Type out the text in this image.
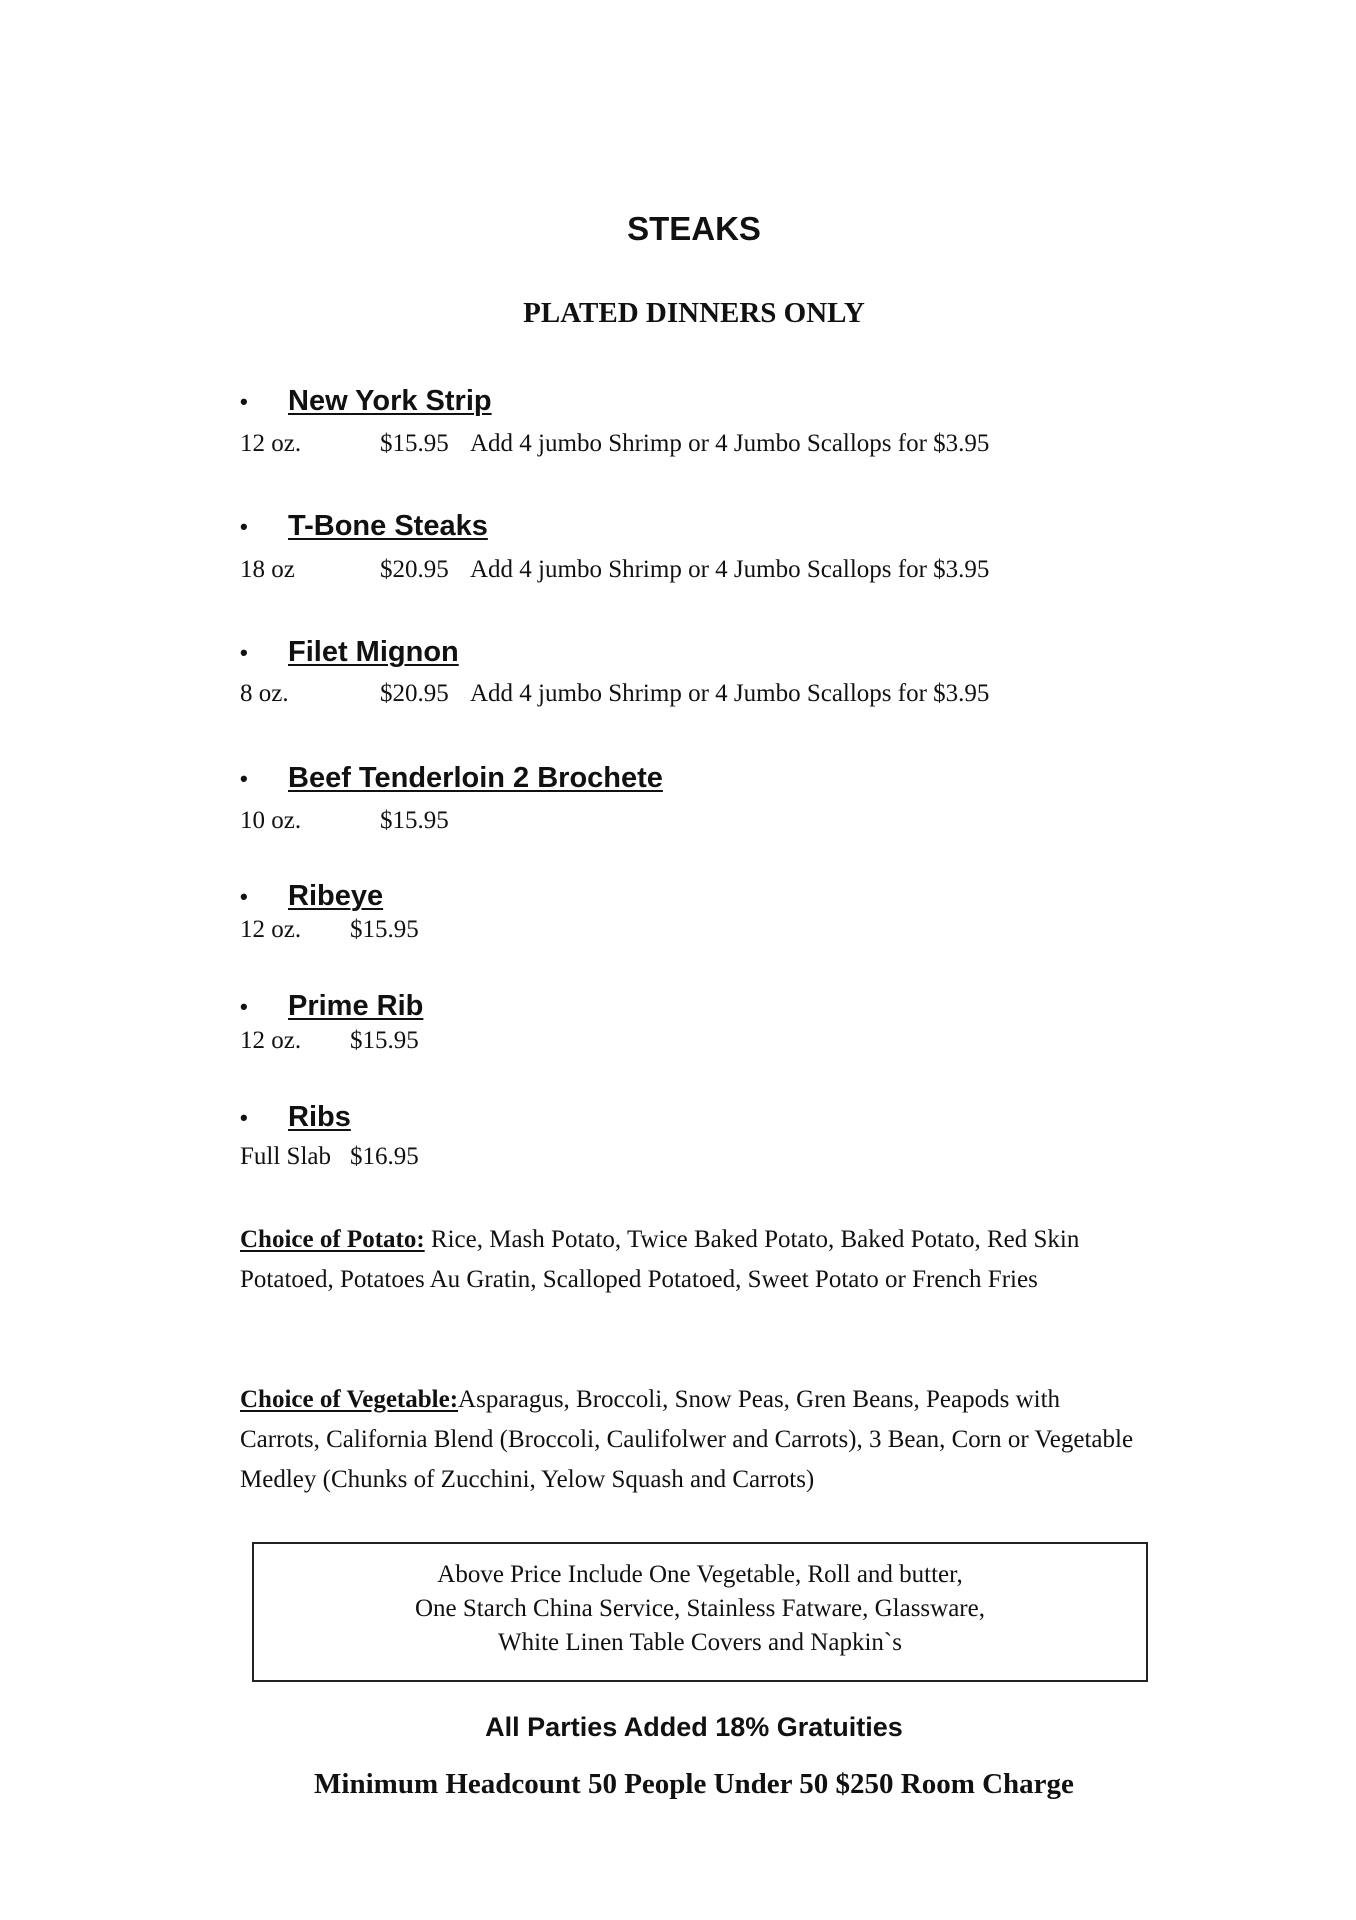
STEAKS
PLATED DINNERS ONLY
•	New York Strip
12 oz.	$15.95 Add 4 jumbo Shrimp or 4 Jumbo Scallops for $3.95
•	T-Bone Steaks
18 oz	$20.95 Add 4 jumbo Shrimp or 4 Jumbo Scallops for $3.95
•	Filet Mignon
8 oz.	$20.95 Add 4 jumbo Shrimp or 4 Jumbo Scallops for $3.95
•	Beef Tenderloin 2 Brochete
10 oz.	$15.95
•	Ribeye
12 oz. $15.95
•	Prime Rib
12 oz. $15.95
•	Ribs
Full Slab $16.95
Choice of Potato: Rice, Mash Potato, Twice Baked Potato, Baked Potato, Red Skin Potatoed, Potatoes Au Gratin, Scalloped Potatoed, Sweet Potato or French Fries
Choice of Vegetable:Asparagus, Broccoli, Snow Peas, Gren Beans, Peapods with Carrots, California Blend (Broccoli, Caulifolwer and Carrots), 3 Bean, Corn or Vegetable Medley (Chunks of Zucchini, Yelow Squash and Carrots)
Above Price Include One Vegetable, Roll and butter,
One Starch China Service, Stainless Fatware, Glassware,
White Linen Table Covers and Napkin`s
All Parties Added 18% Gratuities
Minimum Headcount 50 People Under 50 $250 Room Charge
